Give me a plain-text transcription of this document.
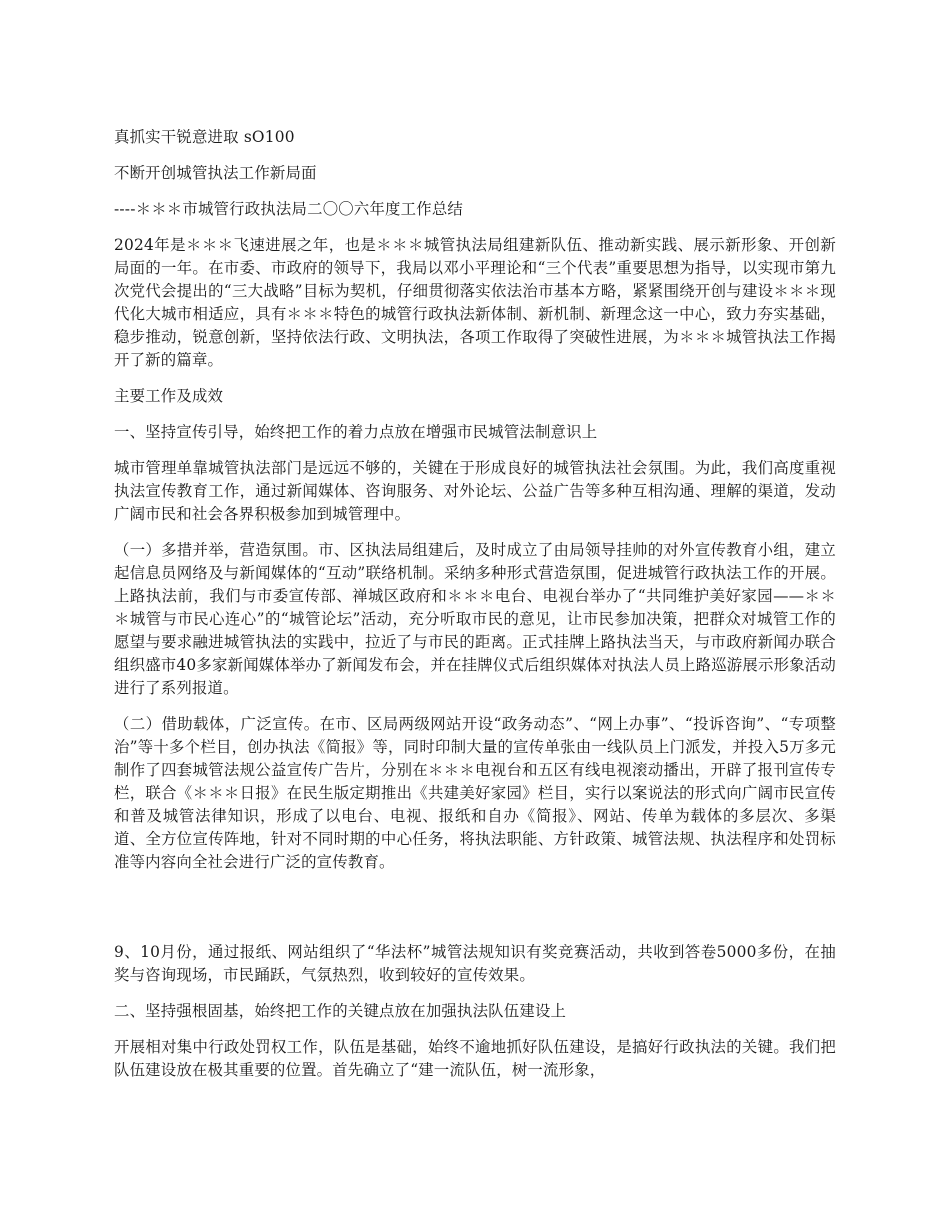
真抓实干锐意进取 sO100

不断开创城管执法工作新局面

----＊＊＊市城管行政执法局二〇〇六年度工作总结

2024年是＊＊＊飞速进展之年，也是＊＊＊城管执法局组建新队伍、推动新实践、展示新形象、开创新局面的一年。在市委、市政府的领导下，我局以邓小平理论和“三个代表”重要思想为指导，以实现市第九次党代会提出的“三大战略”目标为契机，仔细贯彻落实依法治市基本方略，紧紧围绕开创与建设＊＊＊现代化大城市相适应，具有＊＊＊特色的城管行政执法新体制、新机制、新理念这一中心，致力夯实基础，稳步推动，锐意创新，坚持依法行政、文明执法，各项工作取得了突破性进展，为＊＊＊城管执法工作揭开了新的篇章。

主要工作及成效

一、坚持宣传引导，始终把工作的着力点放在增强市民城管法制意识上

城市管理单靠城管执法部门是远远不够的，关键在于形成良好的城管执法社会氛围。为此，我们高度重视执法宣传教育工作，通过新闻媒体、咨询服务、对外论坛、公益广告等多种互相沟通、理解的渠道，发动广阔市民和社会各界积极参加到城管理中。

（一）多措并举，营造氛围。市、区执法局组建后，及时成立了由局领导挂帅的对外宣传教育小组，建立起信息员网络及与新闻媒体的“互动”联络机制。采纳多种形式营造氛围，促进城管行政执法工作的开展。上路执法前，我们与市委宣传部、禅城区政府和＊＊＊电台、电视台举办了“共同维护美好家园——＊＊＊城管与市民心连心”的“城管论坛”活动，充分听取市民的意见，让市民参加决策，把群众对城管工作的愿望与要求融进城管执法的实践中，拉近了与市民的距离。正式挂牌上路执法当天，与市政府新闻办联合组织盛市40多家新闻媒体举办了新闻发布会，并在挂牌仪式后组织媒体对执法人员上路巡游展示形象活动进行了系列报道。

（二）借助载体，广泛宣传。在市、区局两级网站开设“政务动态”、“网上办事”、“投诉咨询”、“专项整治”等十多个栏目，创办执法《简报》等，同时印制大量的宣传单张由一线队员上门派发，并投入5万多元制作了四套城管法规公益宣传广告片，分别在＊＊＊电视台和五区有线电视滚动播出，开辟了报刊宣传专栏，联合《＊＊＊日报》在民生版定期推出《共建美好家园》栏目，实行以案说法的形式向广阔市民宣传和普及城管法律知识，形成了以电台、电视、报纸和自办《简报》、网站、传单为载体的多层次、多渠道、全方位宣传阵地，针对不同时期的中心任务，将执法职能、方针政策、城管法规、执法程序和处罚标准等内容向全社会进行广泛的宣传教育。

9、10月份，通过报纸、网站组织了“华法杯”城管法规知识有奖竞赛活动，共收到答卷5000多份，在抽奖与咨询现场，市民踊跃，气氛热烈，收到较好的宣传效果。

二、坚持强根固基，始终把工作的关键点放在加强执法队伍建设上

开展相对集中行政处罚权工作，队伍是基础，始终不逾地抓好队伍建设，是搞好行政执法的关键。我们把队伍建设放在极其重要的位置。首先确立了“建一流队伍，树一流形象，
